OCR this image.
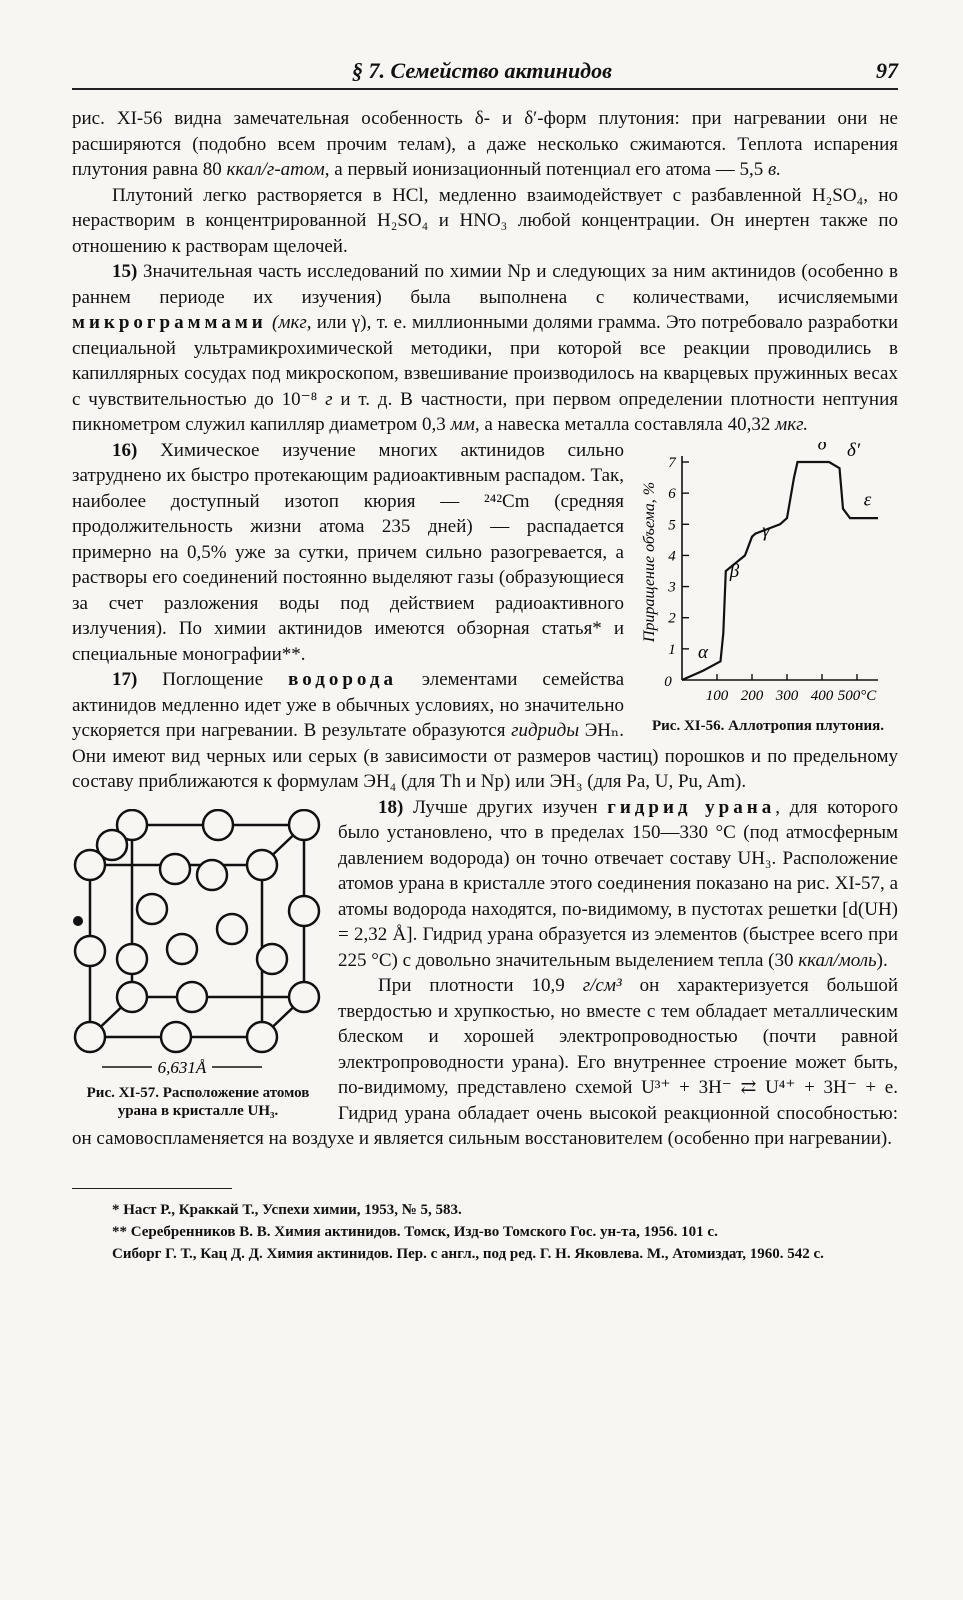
§ 7. Семейство актинидов	97

рис. XI-56 видна замечательная особенность δ- и δ′-форм плутония: при нагревании они не расширяются (подобно всем прочим телам), а даже несколько сжимаются. Теплота испарения плутония равна 80 ккал/г-атом, а первый ионизационный потенциал его атома — 5,5 в.

Плутоний легко растворяется в HCl, медленно взаимодействует с разбавленной H₂SO₄, но нерастворим в концентрированной H₂SO₄ и HNO₃ любой концентрации. Он инертен также по отношению к растворам щелочей.

15) Значительная часть исследований по химии Np и следующих за ним актинидов (особенно в раннем периоде их изучения) была выполнена с количествами, исчисляемыми микрограммами (мкг, или γ), т. е. миллионными долями грамма. Это потребовало разработки специальной ультрамикрохимической методики, при которой все реакции проводились в капиллярных сосудах под микроскопом, взвешивание производилось на кварцевых пружинных весах с чувствительностью до 10⁻⁸ г и т. д. В частности, при первом определении плотности нептуния пикнометром служил капилляр диаметром 0,3 мм, а навеска металла составляла 40,32 мкг.

Приращение объема, %
0
100 200 300 400 500°C
1
2
3
4
5
6
7
α
β
γ
δ δ′
ε
Рис. XI-56. Аллотропия плутония.

16) Химическое изучение многих актинидов сильно затруднено их быстро протекающим радиоактивным распадом. Так, наиболее доступный изотоп кюрия — ²⁴²Cm (средняя продолжительность жизни атома 235 дней) — распадается примерно на 0,5% уже за сутки, причем сильно разогревается, а растворы его соединений постоянно выделяют газы (образующиеся за счет разложения воды под действием радиоактивного излучения). По химии актинидов имеются обзорная статья* и специальные монографии**.

17) Поглощение водорода элементами семейства актинидов медленно идет уже в обычных условиях, но значительно ускоряется при нагревании. В результате образуются гидриды ЭHₙ. Они имеют вид черных или серых (в зависимости от размеров частиц) порошков и по предельному составу приближаются к формулам ЭH₄ (для Th и Np) или ЭH₃ (для Pa, U, Pu, Am).

6,631Å
Рис. XI-57. Расположение атомов урана в кристалле UH₃.

18) Лучше других изучен гидрид урана, для которого было установлено, что в пределах 150—330 °C (под атмосферным давлением водорода) он точно отвечает составу UH₃. Расположение атомов урана в кристалле этого соединения показано на рис. XI-57, а атомы водорода находятся, по-видимому, в пустотах решетки [d(UH) = 2,32 Å]. Гидрид урана образуется из элементов (быстрее всего при 225 °C) с довольно значительным выделением тепла (30 ккал/моль).

При плотности 10,9 г/см³ он характеризуется большой твердостью и хрупкостью, но вместе с тем обладает металлическим блеском и хорошей электропроводностью (почти равной электропроводности урана). Его внутреннее строение может быть, по-видимому, представлено схемой U³⁺ + 3H⁻ ⇄ U⁴⁺ + 3H⁻ + e. Гидрид урана обладает очень высокой реакционной способностью: он самовоспламеняется на воздухе и является сильным восстановителем (особенно при нагревании).

* Наст Р., Краккай Т., Успехи химии, 1953, № 5, 583.

** Серебренников В. В. Химия актинидов. Томск, Изд-во Томского Гос. ун-та, 1956. 101 с.

Сиборг Г. Т., Кац Д. Д. Химия актинидов. Пер. с англ., под ред. Г. Н. Яковлева. М., Атомиздат, 1960. 542 с.
